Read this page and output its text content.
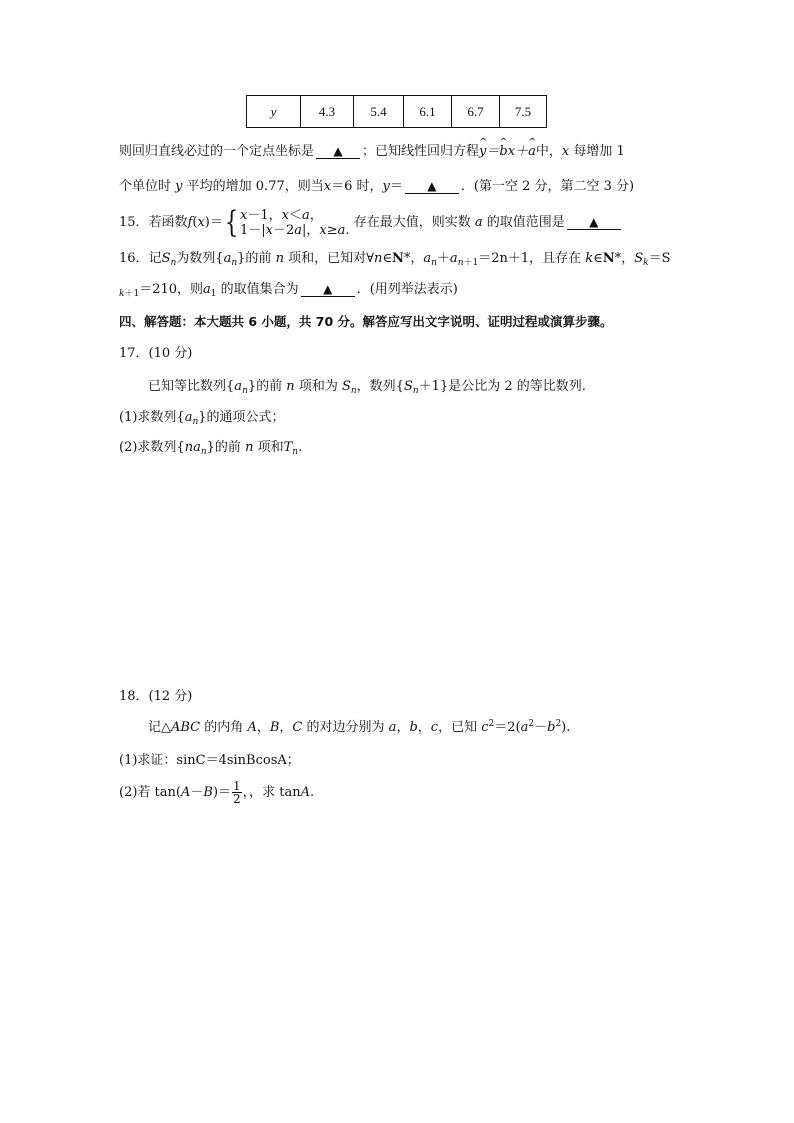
y	4.3	5.4	6.1	6.7	7.5
则回归直线必过的一个定点坐标是 ▲ ；已知线性回归方程^ y＝^ bx＋^ a中，x 每增加 1
个单位时 y 平均的增加 0.77，则当x＝6 时，y＝ ▲ ．(第一空 2 分，第二空 3 分)
15．若函数f(x)＝{ x－1，x＜a，
1－|x－2a|，x≥a. 存在最大值，则实数 a 的取值范围是 ▲
16．记$S_n$为数列$\{a_n\}$的前 n 项和，已知对∀n∈N*，$a_n+a_{n+1}=2n+1$，且存在 k∈N*，$S_k=S$
$_{k+1}$＝210，则$a_1$ 的取值集合为 ▲ ．(用列举法表示)
四、解答题：本大题共 6 小题，共 70 分。解答应写出文字说明、证明过程或演算步骤。
17．(10 分)
已知等比数列$\{a_n\}$的前 n 项和为 $S_n$，数列$\{S_n+1\}$是公比为 2 的等比数列.
(1)求数列$\{a_n\}$的通项公式；
(2)求数列$\{na_n\}$的前 n 项和$T_n$.
18．(12 分)
记△ABC 的内角 A，B，C 的对边分别为 a，b，c，已知 $c^2=2(a^2-b^2)$.
(1)求证：sinC＝4sinBcosA；
(2)若 $\tan(A-B)= \frac{1}{2}$ ，，求 tanA.
